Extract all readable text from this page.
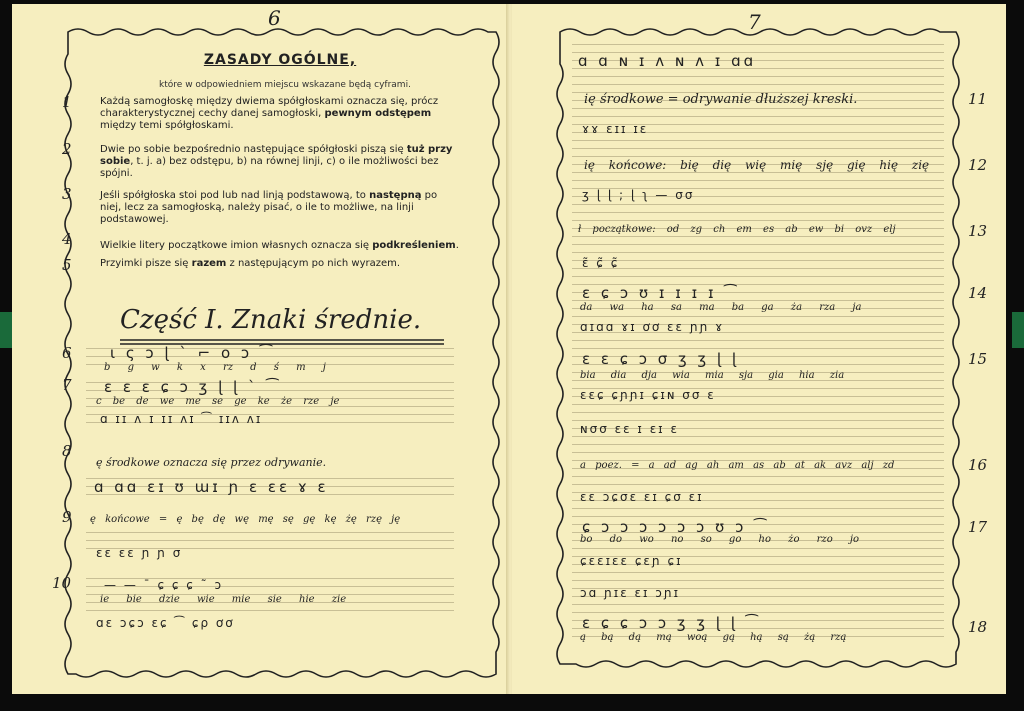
6
ZASADY OGÓLNE,
które w odpowiedniem miejscu wskazane będą cyframi.
1	Każdą samogłoskę między dwiema spółgłoskami oznacza się, prócz charakterystycznej cechy danej samogłoski, pewnym odstępem między temi spółgłoskami.
2	Dwie po sobie bezpośrednio następujące spółgłoski piszą się tuż przy sobie, t. j. a) bez odstępu, b) na równej linji, c) o ile możliwości bez spójni.
3	Jeśli spółgłoska stoi pod lub nad linją podstawową, to następną po niej, lecz za samogłoską, należy pisać, o ile to możliwe, na linji podstawowej.
4	Wielkie litery początkowe imion własnych oznacza się podkreśleniem.
5	Przyimki pisze się razem z następującym po nich wyrazem.
Część I. Znaki średnie.
6	ι ς ↄ ɭ ˋ ⌐ ο ɔ ⁀
b g w k x rz d ś m j
7 ɛ ɛ ɛ ɕ ↄ ʒ ɭ ɭ ˋ ⁀
c be de we me se ge ke że rze je
ɑ ɪɪ ʌ ɪ ɪɪ ʌɪ ⁀ ɪɪʌ ʌɪ
8
ę środkowe oznacza się przez odrywanie.
ɑ ɑɑ ɛɪ ʊ ɯɪ ɲ ɛ ɛɛ ɤ ɛ
9 ę końcowe = ę bę dę wę mę sę gę kę żę rzę ję
ɛɛ ɛɛ ɲ ɲ σ
10	— — ˉ ɕ ɕ ɕ ˜ ɔ
ie bie dzie wie mie sie hie zie
ɑɛ ɔɕɔ ɛɕ ⁀ ɕρ ơơ
7
ɑ ɑ ɴ ɪ ʌ ɴ ʌ ɪ ɑɑ
ię środkowe = odrywanie dłuższej kreski.	11
ɤɤ ɛɪɪ ɪɛ
ię końcowe: bię dię wię mię sję gię hię zię	12
ʒ ɭ ɭ ; ɭ ʅ — σσ
ł początkowe: od zg ch em es ab ew bi ovz elj	13
ɛ̃ ɕ̃ ɕ̃
ɛ ɕ ɔ ʊ ɪ ɪ ɪ ɪ ⁀
da wa ha sa ma ba ga ża rza ja
14
ɑɪɑɑ ɤɪ ơơ ɛɛ ɲɲ ɤ
ɛ ɛ ɕ ɔ σ ʒ ʒ ɭ ɭ
bia dia dja wia mia sja gia hia zia
15
ɛɛɕ ɕɲɲɪ ɕɪɴ σσ ɛ
ɴσσ ɛɛ ɪ ɛɪ ɛ
a poez. = a ad ag ah am as ab at ak avz alj zd	16
ɛɛ ɔɕσɛ ɛɪ ɕσ ɛɪ
ɕ ɔ ɔ ɔ ɔ ɔ ɔ ʊ ɔ ⁀
bo do wo no so go ho żo rzo jo
17
ɕɛɛɪɛɛ ɕɛɲ ɕɪ
ɔɑ ɲɪɛ ɛɪ ɔɲɪ
ɛ ɕ ɕ ɔ ɔ ʒ ʒ ɭ ɭ ⁀
ą bą dą mą woą gą hą są żą rzą
18
